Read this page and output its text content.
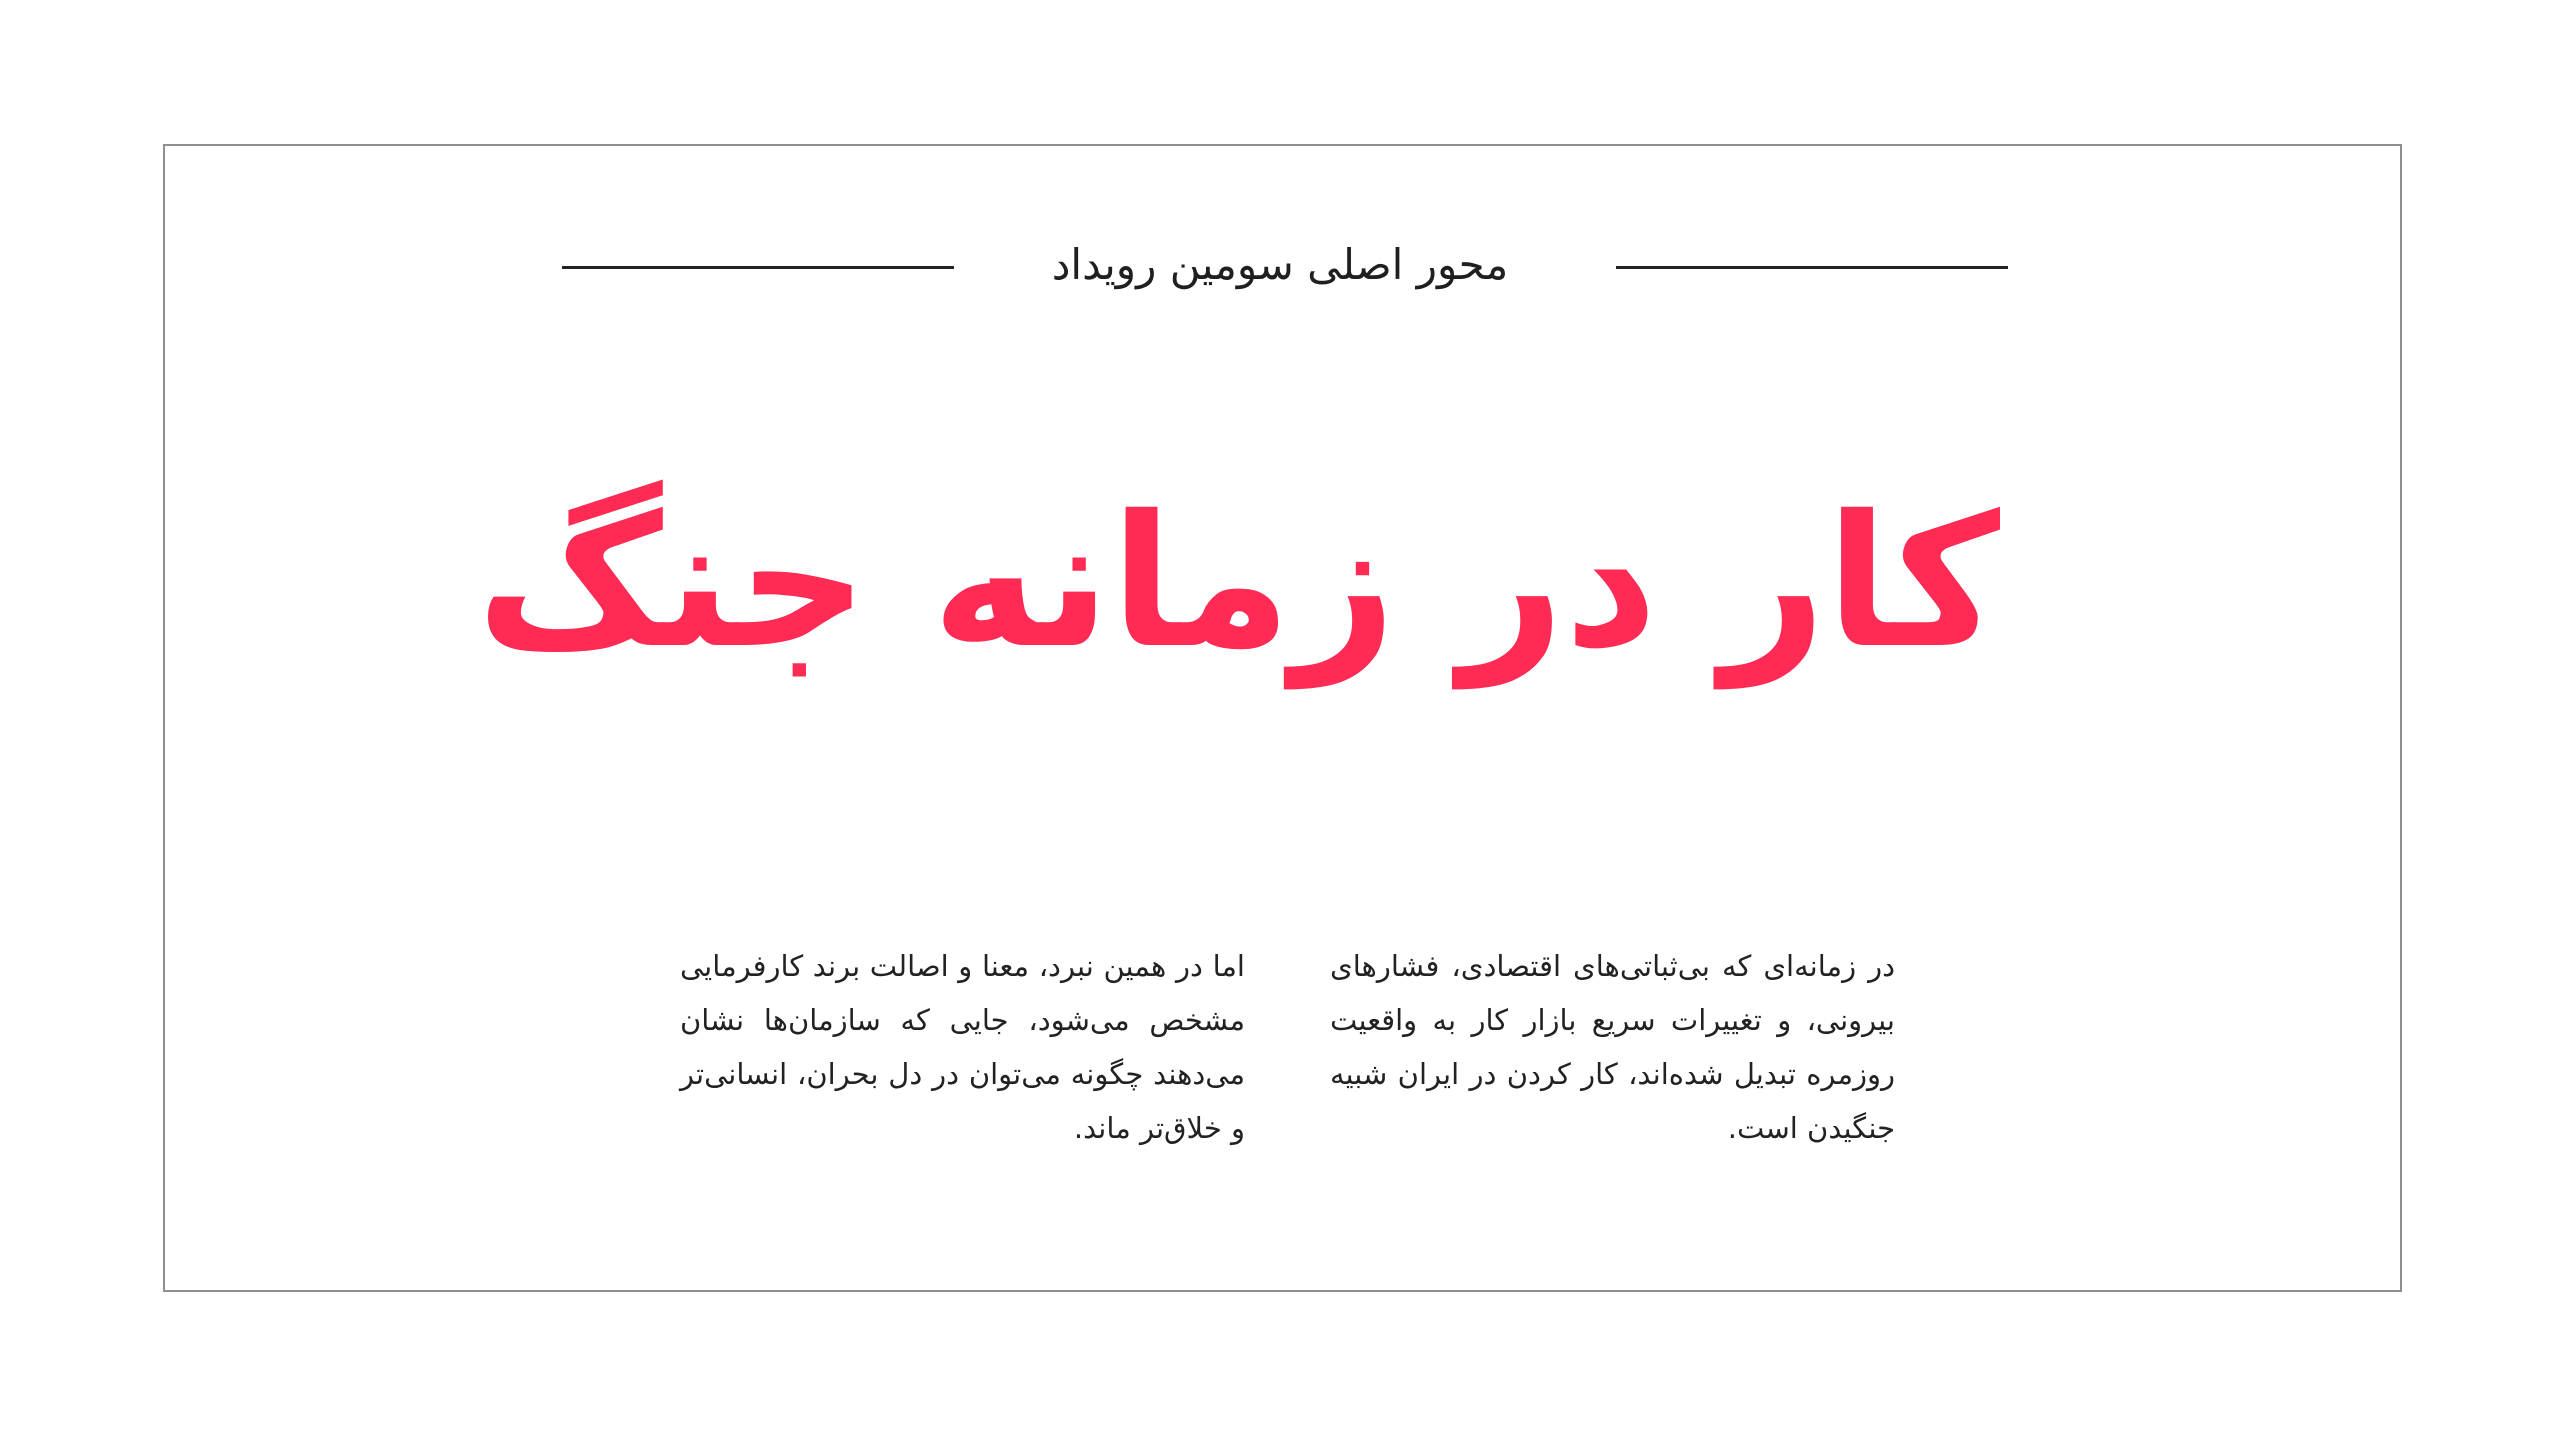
محور اصلی سومین رویداد
کار در زمانه جنگ

در زمانه‌ای که بی‌ثباتی‌های اقتصادی، فشارهای بیرونی، و تغییرات سریع بازار کار به واقعیت روزمره تبدیل شده‌اند، کار کردن در ایران شبیه جنگیدن است.

اما در همین نبرد، معنا و اصالت برند کارفرمایی مشخص می‌شود، جایی که سازمان‌ها نشان می‌دهند چگونه می‌توان در دل بحران، انسانی‌تر و خلاق‌تر ماند.
